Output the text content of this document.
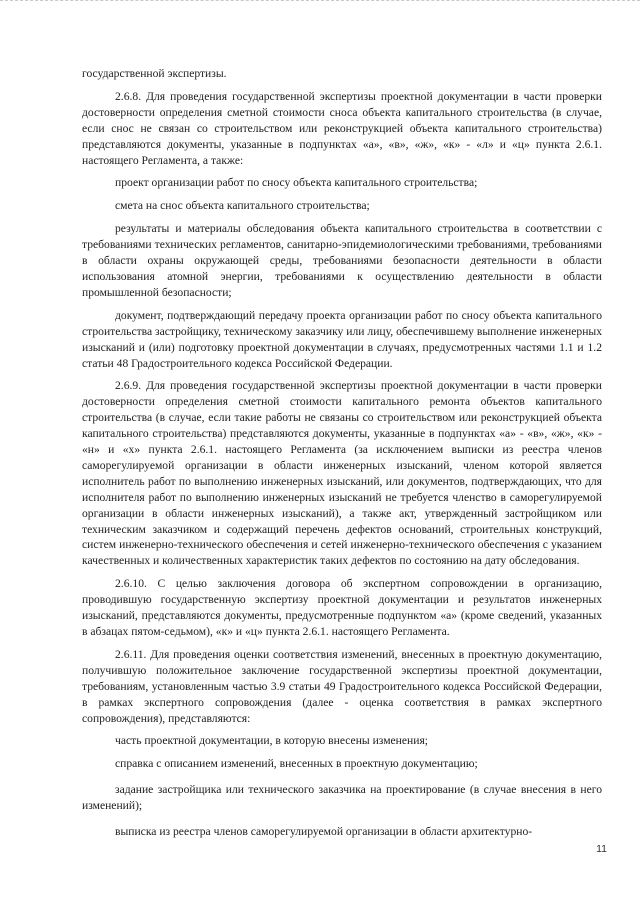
государственной экспертизы.

2.6.8. Для проведения государственной экспертизы проектной документации в части проверки достоверности определения сметной стоимости сноса объекта капитального строительства (в случае, если снос не связан со строительством или реконструкцией объекта капитального строительства) представляются документы, указанные в подпунктах «а», «в», «ж», «к» - «л» и «ц» пункта 2.6.1. настоящего Регламента, а также:

проект организации работ по сносу объекта капитального строительства;

смета на снос объекта капитального строительства;

результаты и материалы обследования объекта капитального строительства в соответствии с требованиями технических регламентов, санитарно-эпидемиологическими требованиями, требованиями в области охраны окружающей среды, требованиями безопасности деятельности в области использования атомной энергии, требованиями к осуществлению деятельности в области промышленной безопасности;

документ, подтверждающий передачу проекта организации работ по сносу объекта капитального строительства застройщику, техническому заказчику или лицу, обеспечившему выполнение инженерных изысканий и (или) подготовку проектной документации в случаях, предусмотренных частями 1.1 и 1.2 статьи 48 Градостроительного кодекса Российской Федерации.

2.6.9. Для проведения государственной экспертизы проектной документации в части проверки достоверности определения сметной стоимости капитального ремонта объектов капитального строительства (в случае, если такие работы не связаны со строительством или реконструкцией объекта капитального строительства) представляются документы, указанные в подпунктах «а» - «в», «ж», «к» - «н» и «х» пункта 2.6.1. настоящего Регламента (за исключением выписки из реестра членов саморегулируемой организации в области инженерных изысканий, членом которой является исполнитель работ по выполнению инженерных изысканий, или документов, подтверждающих, что для исполнителя работ по выполнению инженерных изысканий не требуется членство в саморегулируемой организации в области инженерных изысканий), а также акт, утвержденный застройщиком или техническим заказчиком и содержащий перечень дефектов оснований, строительных конструкций, систем инженерно-технического обеспечения и сетей инженерно-технического обеспечения с указанием качественных и количественных характеристик таких дефектов по состоянию на дату обследования.

2.6.10. С целью заключения договора об экспертном сопровождении в организацию, проводившую государственную экспертизу проектной документации и результатов инженерных изысканий, представляются документы, предусмотренные подпунктом «а» (кроме сведений, указанных в абзацах пятом-седьмом), «к» и «ц» пункта 2.6.1. настоящего Регламента.

2.6.11. Для проведения оценки соответствия изменений, внесенных в проектную документацию, получившую положительное заключение государственной экспертизы проектной документации, требованиям, установленным частью 3.9 статьи 49 Градостроительного кодекса Российской Федерации, в рамках экспертного сопровождения (далее - оценка соответствия в рамках экспертного сопровождения), представляются:

часть проектной документации, в которую внесены изменения;

справка с описанием изменений, внесенных в проектную документацию;

задание застройщика или технического заказчика на проектирование (в случае внесения в него изменений);

выписка из реестра членов саморегулируемой организации в области архитектурно-

11
